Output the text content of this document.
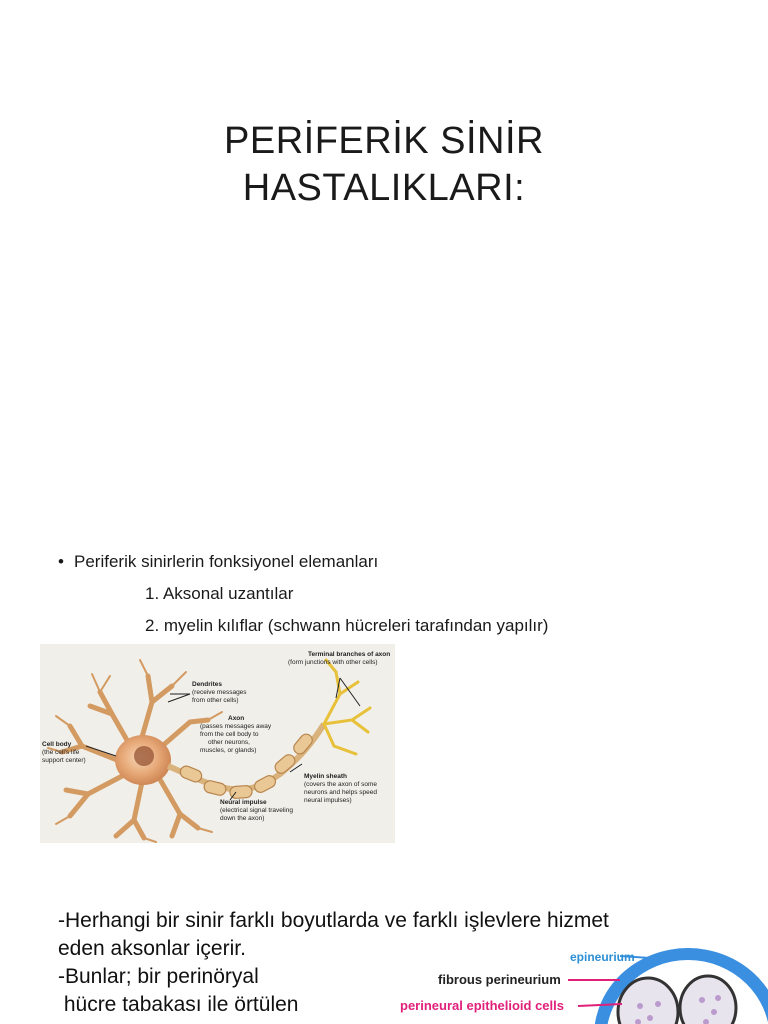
PERİFERİK SİNİR
HASTALIKLARI:
• Periferik sinirlerin fonksiyonel elemanları
1. Aksonal uzantılar
2. myelin kılıflar (schwann hücreleri tarafından yapılır)
Dendrites
(receive messages
from other cells)
Terminal branches of axon
(form junctions with other cells)
Axon
(passes messages away
from the cell body to
other neurons,
muscles, or glands)
Cell body
(the cell's life
support center)
Myelin sheath
(covers the axon of some
neurons and helps speed
neural impulses)
Neural impulse
(electrical signal traveling
down the axon)
-Herhangi bir sinir farklı boyutlarda ve farklı işlevlere hizmet
eden aksonlar içerir.
-Bunlar; bir perinöryal
hücre tabakası ile örtülen
epineurium
fibrous perineurium
perineural epithelioid cells
